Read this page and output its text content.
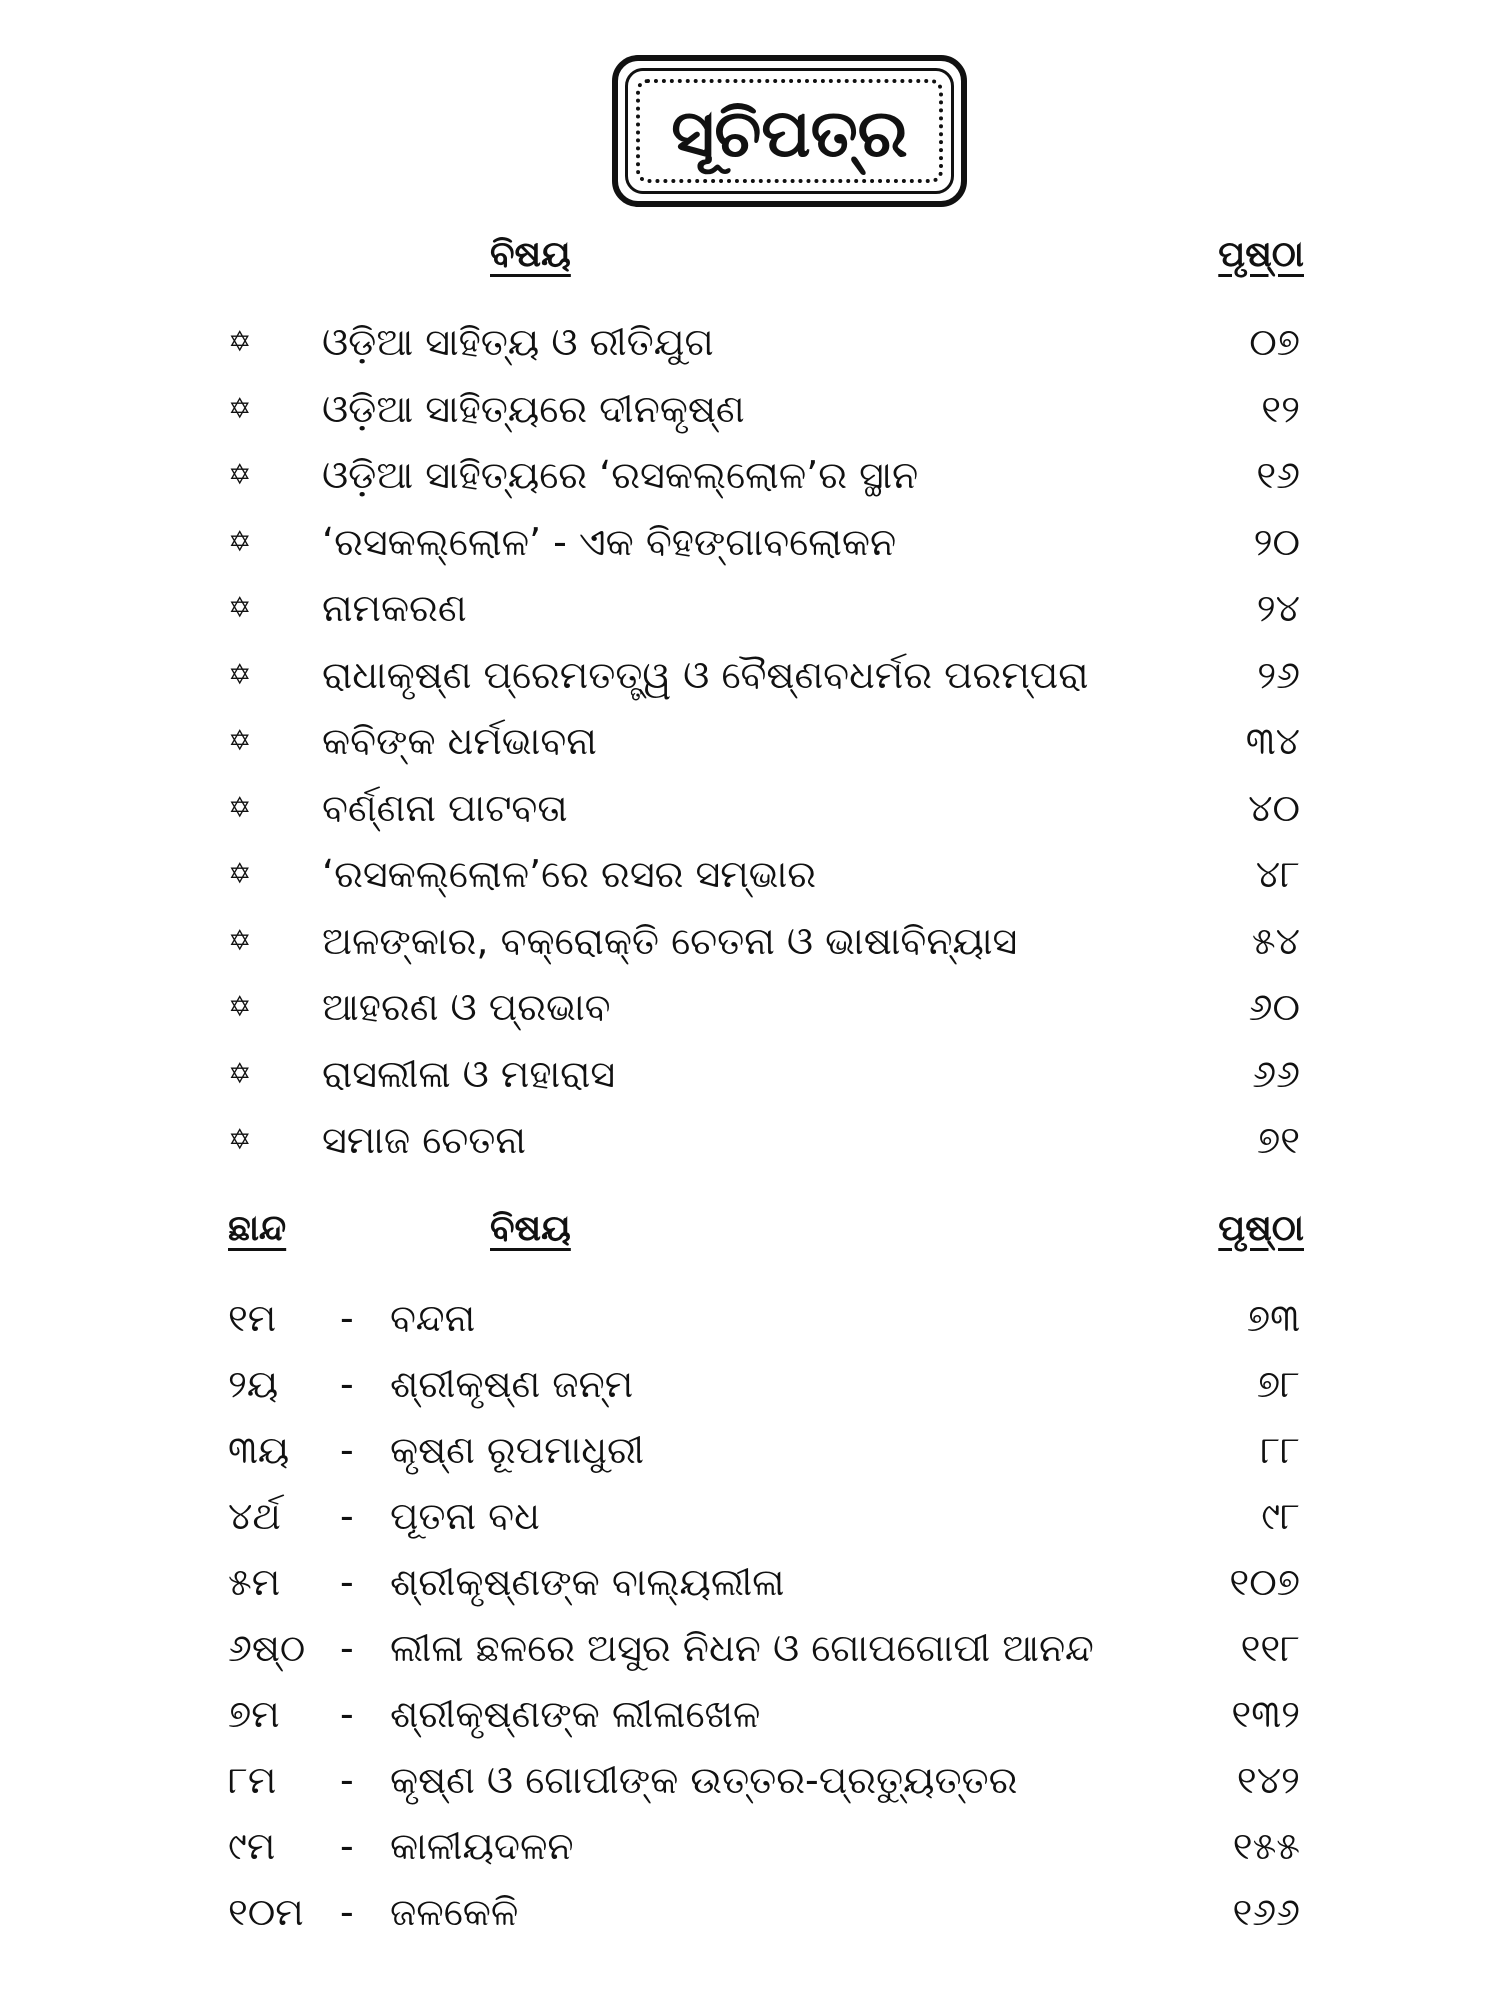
ସୂଚିପତ୍ର
ବିଷୟ	ପୃଷ୍ଠା
✡ ଓଡ଼ିଆ ସାହିତ୍ୟ ଓ ରୀତିଯୁଗ	୦୭
✡ ଓଡ଼ିଆ ସାହିତ୍ୟରେ ଦୀନକୃଷ୍ଣ	୧୨
✡ ଓଡ଼ିଆ ସାହିତ୍ୟରେ ‘ରସକଲ୍ଲୋଳ’ର ସ୍ଥାନ	୧୬
✡ ‘ରସକଲ୍ଲୋଳ’ - ଏକ ବିହଙ୍ଗାବଲୋକନ	୨୦
✡ ନାମକରଣ	୨୪
✡ ରାଧାକୃଷ୍ଣ ପ୍ରେମତତ୍ତ୍ୱ ଓ ବୈଷ୍ଣବଧର୍ମର ପରମ୍ପରା	୨୬
✡ କବିଙ୍କ ଧର୍ମଭାବନା	୩୪
✡ ବର୍ଣ୍ଣନା ପାଟବତା	୪୦
✡ ‘ରସକଲ୍ଲୋଳ’ରେ ରସର ସମ୍ଭାର	୪୮
✡ ଅଳଙ୍କାର, ବକ୍ରୋକ୍ତି ଚେତନା ଓ ଭାଷାବିନ୍ୟାସ	୫୪
✡ ଆହରଣ ଓ ପ୍ରଭାବ	୬୦
✡ ରାସଲୀଳା ଓ ମହାରାସ	୬୬
✡ ସମାଜ ଚେତନା	୭୧
ଛାନ୍ଦ	ବିଷୟ	ପୃଷ୍ଠା
୧ମ - ବନ୍ଦନା	୭୩
୨ୟ - ଶ୍ରୀକୃଷ୍ଣ ଜନ୍ମ	୭୮
୩ୟ - କୃଷ୍ଣ ରୂପମାଧୁରୀ	୮୮
୪ର୍ଥ - ପୂତନା ବଧ	୯୮
୫ମ - ଶ୍ରୀକୃଷ୍ଣଙ୍କ ବାଲ୍ୟଲୀଳା	୧୦୭
୬ଷ୍ଠ - ଲୀଳା ଛଳରେ ଅସୁର ନିଧନ ଓ ଗୋପଗୋପୀ ଆନନ୍ଦ	୧୧୮
୭ମ - ଶ୍ରୀକୃଷ୍ଣଙ୍କ ଲୀଳାଖେଳ	୧୩୨
୮ମ - କୃଷ୍ଣ ଓ ଗୋପୀଙ୍କ ଉତ୍ତର-ପ୍ରତ୍ୟୁତ୍ତର	୧୪୨
୯ମ - କାଳୀୟଦଳନ	୧୫୫
୧୦ମ - ଜଳକେଳି	୧୬୬
